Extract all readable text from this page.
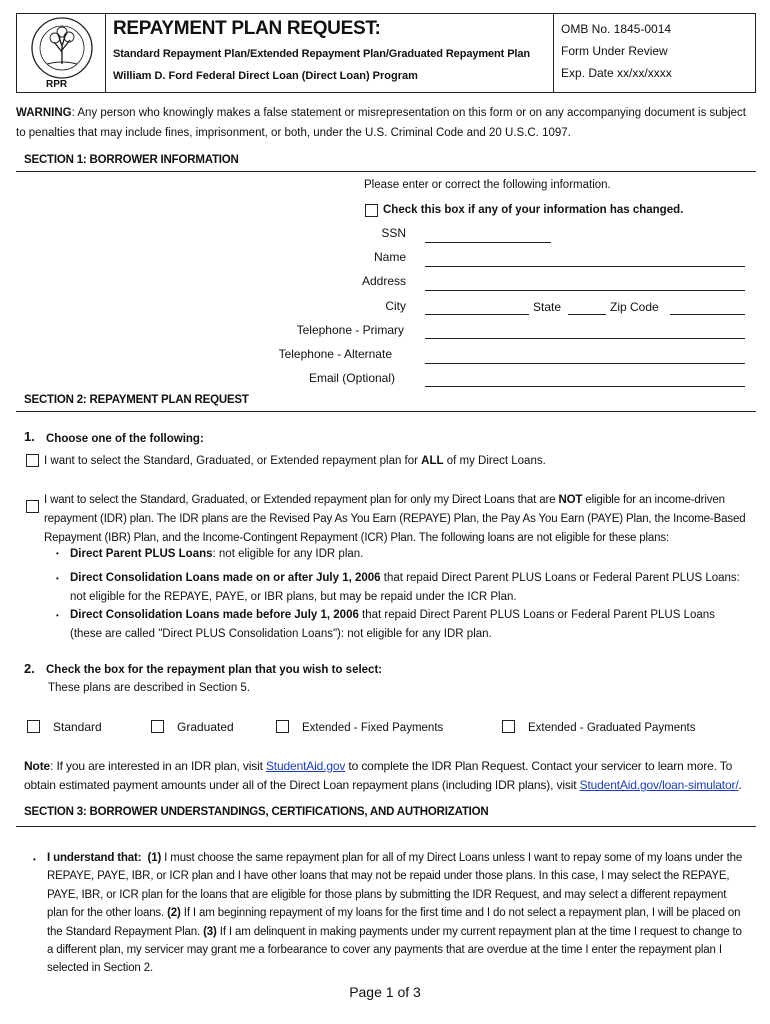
RPR
REPAYMENT PLAN REQUEST:
Standard Repayment Plan/Extended Repayment Plan/Graduated Repayment Plan
William D. Ford Federal Direct Loan (Direct Loan) Program
OMB No. 1845-0014
Form Under Review
Exp. Date xx/xx/xxxx
WARNING: Any person who knowingly makes a false statement or misrepresentation on this form or on any accompanying document is subject to penalties that may include fines, imprisonment, or both, under the U.S. Criminal Code and 20 U.S.C. 1097.
SECTION 1: BORROWER INFORMATION
Please enter or correct the following information.
Check this box if any of your information has changed.
SSN
Name
Address
City	State	Zip Code
Telephone - Primary
Telephone - Alternate
Email (Optional)
SECTION 2: REPAYMENT PLAN REQUEST
1. Choose one of the following:
I want to select the Standard, Graduated, or Extended repayment plan for ALL of my Direct Loans.
I want to select the Standard, Graduated, or Extended repayment plan for only my Direct Loans that are NOT eligible for an income-driven repayment (IDR) plan. The IDR plans are the Revised Pay As You Earn (REPAYE) Plan, the Pay As You Earn (PAYE) Plan, the Income-Based Repayment (IBR) Plan, and the Income-Contingent Repayment (ICR) Plan. The following loans are not eligible for these plans:
• Direct Parent PLUS Loans: not eligible for any IDR plan.
• Direct Consolidation Loans made on or after July 1, 2006 that repaid Direct Parent PLUS Loans or Federal Parent PLUS Loans: not eligible for the REPAYE, PAYE, or IBR plans, but may be repaid under the ICR Plan.
• Direct Consolidation Loans made before July 1, 2006 that repaid Direct Parent PLUS Loans or Federal Parent PLUS Loans (these are called "Direct PLUS Consolidation Loans"): not eligible for any IDR plan.
2. Check the box for the repayment plan that you wish to select:
These plans are described in Section 5.
Standard	Graduated	Extended - Fixed Payments	Extended - Graduated Payments
Note: If you are interested in an IDR plan, visit StudentAid.gov to complete the IDR Plan Request. Contact your servicer to learn more. To obtain estimated payment amounts under all of the Direct Loan repayment plans (including IDR plans), visit StudentAid.gov/loan-simulator/.
SECTION 3: BORROWER UNDERSTANDINGS, CERTIFICATIONS, AND AUTHORIZATION
• I understand that: (1) I must choose the same repayment plan for all of my Direct Loans unless I want to repay some of my loans under the REPAYE, PAYE, IBR, or ICR plan and I have other loans that may not be repaid under those plans. In this case, I may select the REPAYE, PAYE, IBR, or ICR plan for the loans that are eligible for those plans by submitting the IDR Request, and may select a different repayment plan for the other loans. (2) If I am beginning repayment of my loans for the first time and I do not select a repayment plan, I will be placed on the Standard Repayment Plan. (3) If I am delinquent in making payments under my current repayment plan at the time I request to change to a different plan, my servicer may grant me a forbearance to cover any payments that are overdue at the time I enter the repayment plan I selected in Section 2.
Page 1 of 3
